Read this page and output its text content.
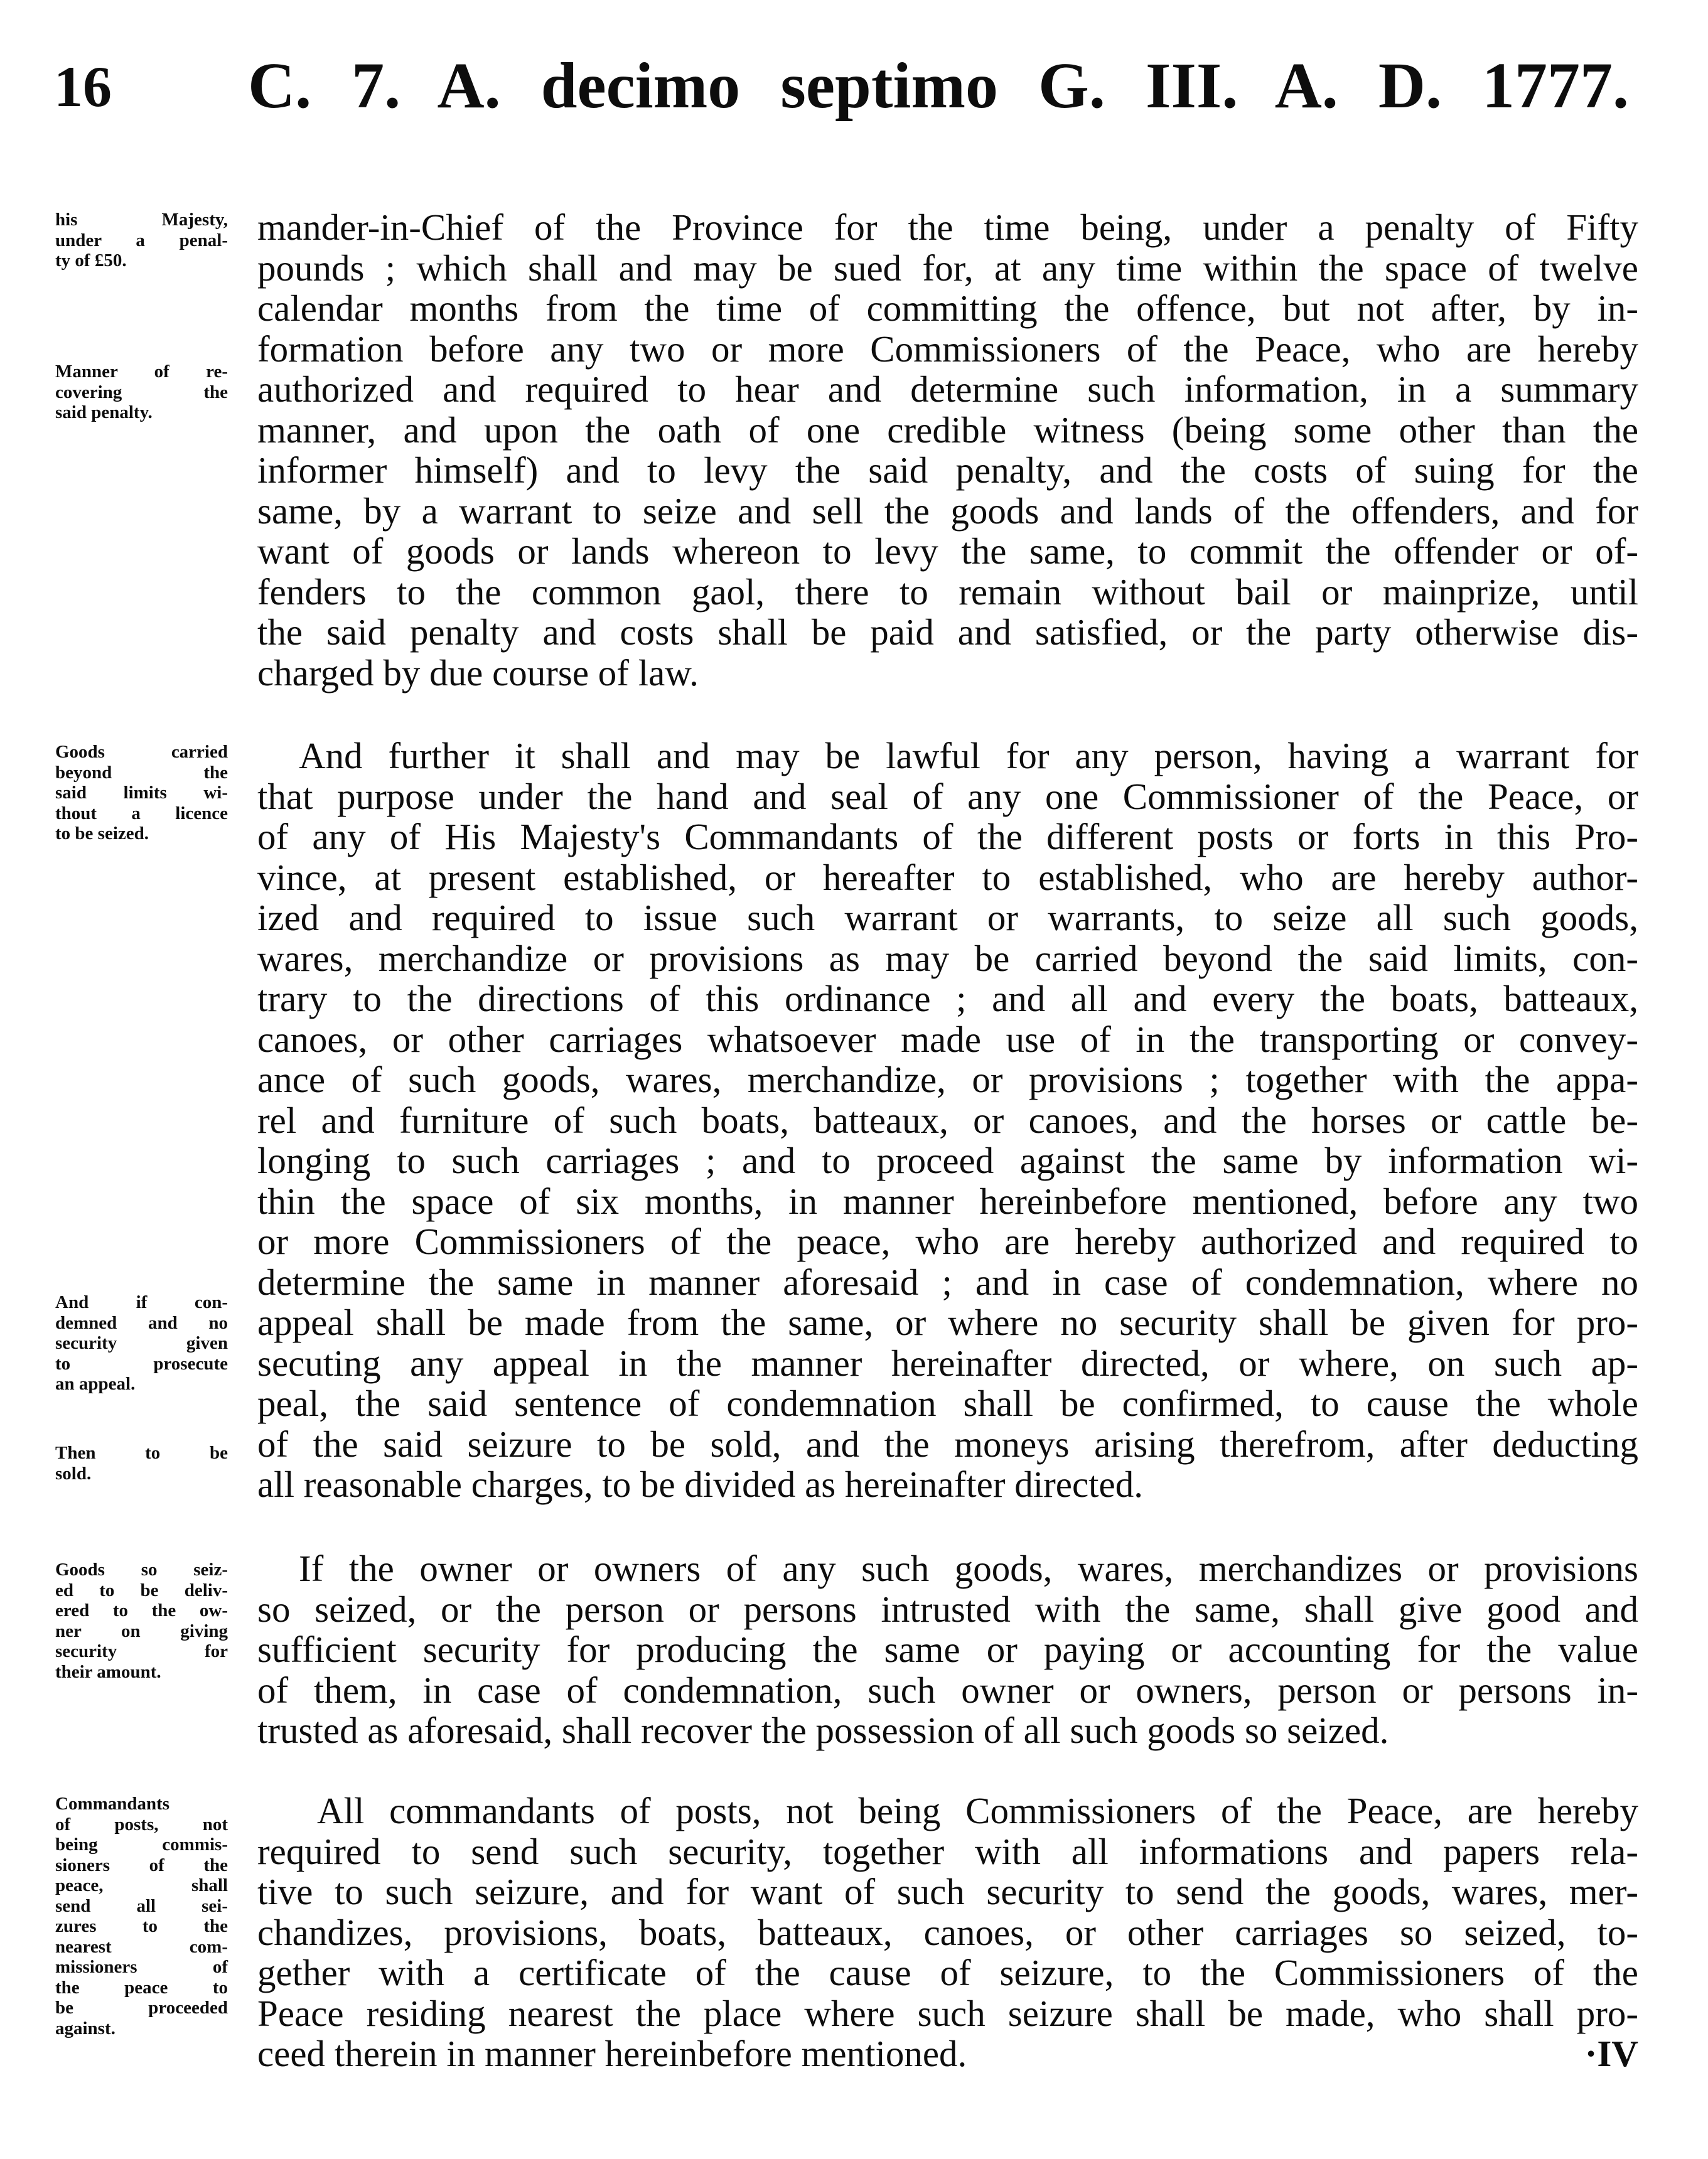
16 C. 7. A. decimo septimo G. III. A. D. 1777.
mander-in-Chief of the Province for the time being, under a penalty of Fifty
pounds ; which shall and may be sued for, at any time within the space of twelve
calendar months from the time of committing the offence, but not after, by in-
formation before any two or more Commissioners of the Peace, who are hereby
authorized and required to hear and determine such information, in a summary
manner, and upon the oath of one credible witness (being some other than the
informer himself) and to levy the said penalty, and the costs of suing for the
same, by a warrant to seize and sell the goods and lands of the offenders, and for
want of goods or lands whereon to levy the same, to commit the offender or of-
fenders to the common gaol, there to remain without bail or mainprize, until
the said penalty and costs shall be paid and satisfied, or the party otherwise dis-
charged by due course of law.
And further it shall and may be lawful for any person, having a warrant for
that purpose under the hand and seal of any one Commissioner of the Peace, or
of any of His Majesty's Commandants of the different posts or forts in this Pro-
vince, at present established, or hereafter to established, who are hereby author-
ized and required to issue such warrant or warrants, to seize all such goods,
wares, merchandize or provisions as may be carried beyond the said limits, con-
trary to the directions of this ordinance ; and all and every the boats, batteaux,
canoes, or other carriages whatsoever made use of in the transporting or convey-
ance of such goods, wares, merchandize, or provisions ; together with the appa-
rel and furniture of such boats, batteaux, or canoes, and the horses or cattle be-
longing to such carriages ; and to proceed against the same by information wi-
thin the space of six months, in manner hereinbefore mentioned, before any two
or more Commissioners of the peace, who are hereby authorized and required to
determine the same in manner aforesaid ; and in case of condemnation, where no
appeal shall be made from the same, or where no security shall be given for pro-
secuting any appeal in the manner hereinafter directed, or where, on such ap-
peal, the said sentence of condemnation shall be confirmed, to cause the whole
of the said seizure to be sold, and the moneys arising therefrom, after deducting
all reasonable charges, to be divided as hereinafter directed.
If the owner or owners of any such goods, wares, merchandizes or provisions
so seized, or the person or persons intrusted with the same, shall give good and
sufficient security for producing the same or paying or accounting for the value
of them, in case of condemnation, such owner or owners, person or persons in-
trusted as aforesaid, shall recover the possession of all such goods so seized.
All commandants of posts, not being Commissioners of the Peace, are hereby
required to send such security, together with all informations and papers rela-
tive to such seizure, and for want of such security to send the goods, wares, mer-
chandizes, provisions, boats, batteaux, canoes, or other carriages so seized, to-
gether with a certificate of the cause of seizure, to the Commissioners of the
Peace residing nearest the place where such seizure shall be made, who shall pro-
ceed therein in manner hereinbefore mentioned.
his Majesty,
under a penal-
ty of £50.
Manner of re-
covering the
said penalty.
Goods carried
beyond the
said limits wi-
thout a licence
to be seized.
And if con-
demned and no
security given
to prosecute
an appeal.
Then to be
sold.
Goods so seiz-
ed to be deliv-
ered to the ow-
ner on giving
security for
their amount.
Commandants
of posts, not
being commis-
sioners of the
peace, shall
send all sei-
zures to the
nearest com-
missioners of
the peace to
be proceeded
against.
·IV
